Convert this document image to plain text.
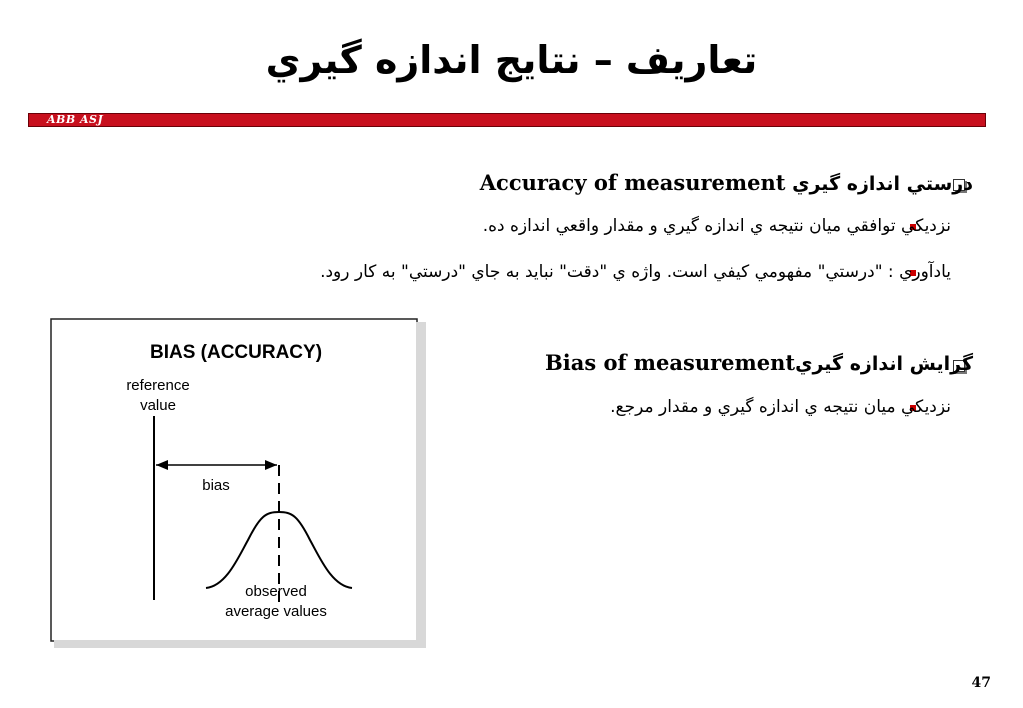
تعاريف – نتايج اندازه گيري
ABB ASJ
درستي اندازه گيري Accuracy of measurement
نزديكي توافقي ميان نتيجه ي اندازه گيري و مقدار واقعي اندازه ده.
يادآوري : "درستي" مفهومي كيفي است. واژه ي "دقت" نبايد به جاي "درستي" به كار رود.
گرايش اندازه گيريBias of measurement
نزديكي ميان نتيجه ي اندازه گيري و مقدار مرجع.
BIAS (ACCURACY)
reference
value
bias
observed
average values
47
